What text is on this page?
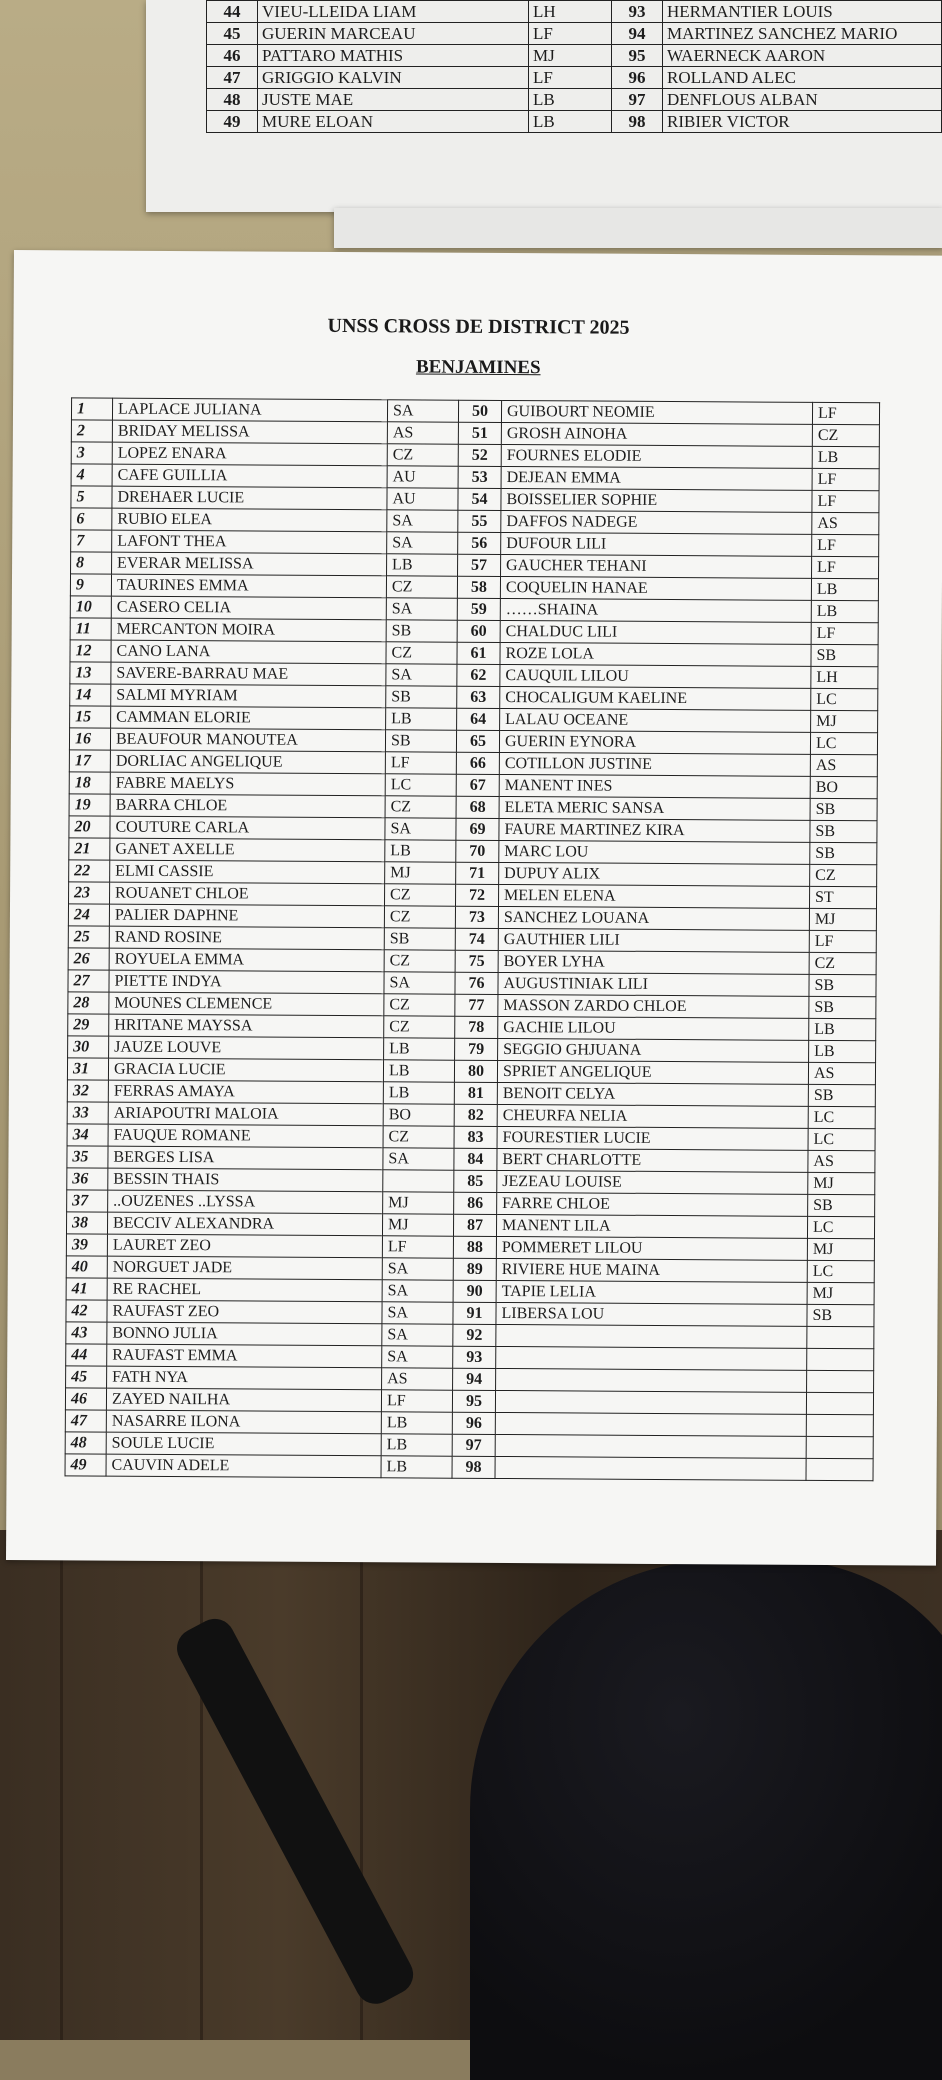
44	VIEU-LLEIDA LIAM	LH	93	HERMANTIER LOUIS
45	GUERIN MARCEAU	LF	94	MARTINEZ SANCHEZ MARIO
46	PATTARO MATHIS	MJ	95	WAERNECK AARON
47	GRIGGIO KALVIN	LF	96	ROLLAND ALEC
48	JUSTE MAE	LB	97	DENFLOUS ALBAN
49	MURE ELOAN	LB	98	RIBIER VICTOR
UNSS CROSS DE DISTRICT 2025
BENJAMINES
1	LAPLACE JULIANA	SA	50	GUIBOURT NEOMIE	LF
2	BRIDAY MELISSA	AS	51	GROSH AINOHA	CZ
3	LOPEZ ENARA	CZ	52	FOURNES ELODIE	LB
4	CAFE GUILLIA	AU	53	DEJEAN EMMA	LF
5	DREHAER LUCIE	AU	54	BOISSELIER SOPHIE	LF
6	RUBIO ELEA	SA	55	DAFFOS NADEGE	AS
7	LAFONT THEA	SA	56	DUFOUR LILI	LF
8	EVERAR MELISSA	LB	57	GAUCHER TEHANI	LF
9	TAURINES EMMA	CZ	58	COQUELIN HANAE	LB
10	CASERO CELIA	SA	59	……SHAINA	LB
11	MERCANTON MOIRA	SB	60	CHALDUC LILI	LF
12	CANO LANA	CZ	61	ROZE LOLA	SB
13	SAVERE-BARRAU MAE	SA	62	CAUQUIL LILOU	LH
14	SALMI MYRIAM	SB	63	CHOCALIGUM KAELINE	LC
15	CAMMAN ELORIE	LB	64	LALAU OCEANE	MJ
16	BEAUFOUR MANOUTEA	SB	65	GUERIN EYNORA	LC
17	DORLIAC ANGELIQUE	LF	66	COTILLON JUSTINE	AS
18	FABRE MAELYS	LC	67	MANENT INES	BO
19	BARRA CHLOE	CZ	68	ELETA MERIC SANSA	SB
20	COUTURE CARLA	SA	69	FAURE MARTINEZ KIRA	SB
21	GANET AXELLE	LB	70	MARC LOU	SB
22	ELMI CASSIE	MJ	71	DUPUY ALIX	CZ
23	ROUANET CHLOE	CZ	72	MELEN ELENA	ST
24	PALIER DAPHNE	CZ	73	SANCHEZ LOUANA	MJ
25	RAND ROSINE	SB	74	GAUTHIER LILI	LF
26	ROYUELA EMMA	CZ	75	BOYER LYHA	CZ
27	PIETTE INDYA	SA	76	AUGUSTINIAK LILI	SB
28	MOUNES CLEMENCE	CZ	77	MASSON ZARDO CHLOE	SB
29	HRITANE MAYSSA	CZ	78	GACHIE LILOU	LB
30	JAUZE LOUVE	LB	79	SEGGIO GHJUANA	LB
31	GRACIA LUCIE	LB	80	SPRIET ANGELIQUE	AS
32	FERRAS AMAYA	LB	81	BENOIT CELYA	SB
33	ARIAPOUTRI MALOIA	BO	82	CHEURFA NELIA	LC
34	FAUQUE ROMANE	CZ	83	FOURESTIER LUCIE	LC
35	BERGES LISA	SA	84	BERT CHARLOTTE	AS
36	BESSIN THAIS		85	JEZEAU LOUISE	MJ
37	..OUZENES ..LYSSA	MJ	86	FARRE CHLOE	SB
38	BECCIV ALEXANDRA	MJ	87	MANENT LILA	LC
39	LAURET ZEO	LF	88	POMMERET LILOU	MJ
40	NORGUET JADE	SA	89	RIVIERE HUE MAINA	LC
41	RE RACHEL	SA	90	TAPIE LELIA	MJ
42	RAUFAST ZEO	SA	91	LIBERSA LOU	SB
43	BONNO JULIA	SA	92		
44	RAUFAST EMMA	SA	93		
45	FATH NYA	AS	94		
46	ZAYED NAILHA	LF	95		
47	NASARRE ILONA	LB	96		
48	SOULE LUCIE	LB	97		
49	CAUVIN ADELE	LB	98		
